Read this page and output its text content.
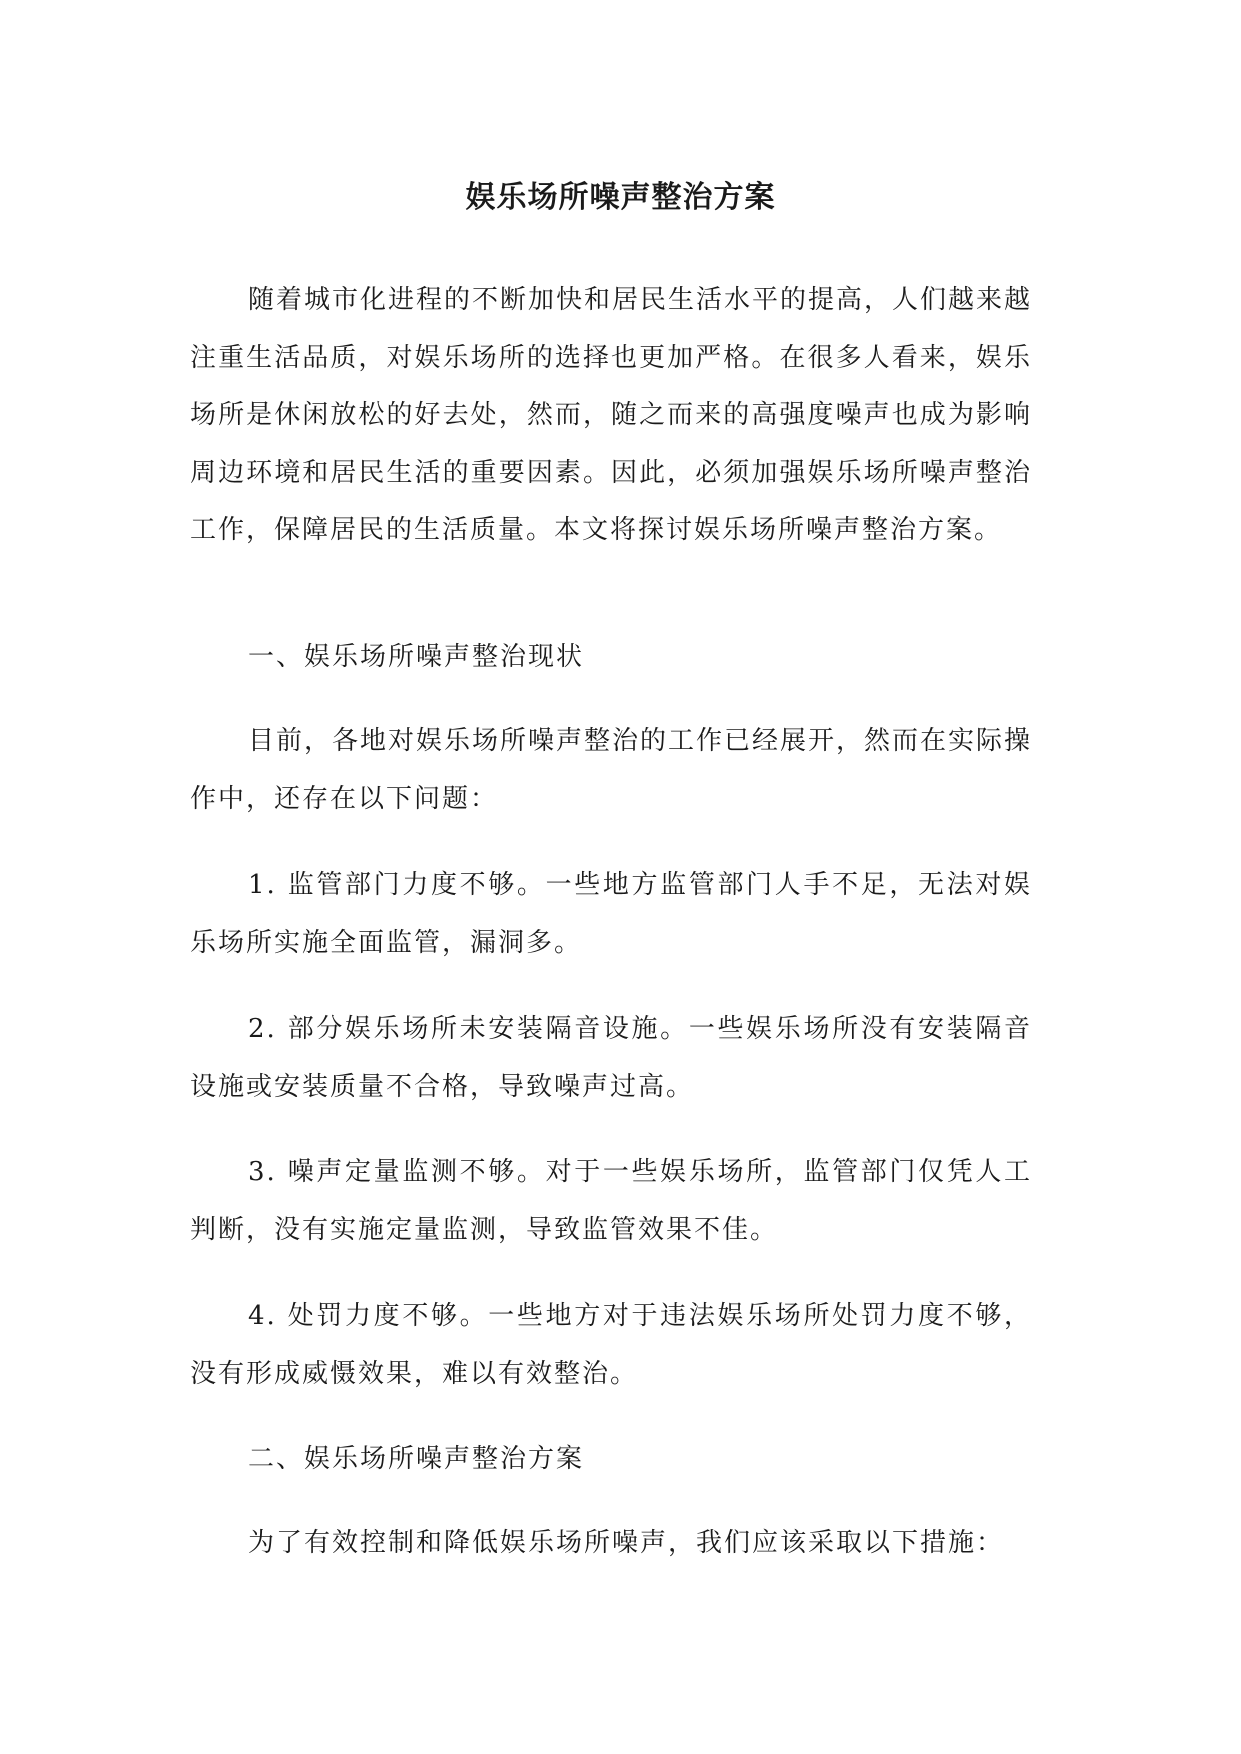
娱乐场所噪声整治方案

随着城市化进程的不断加快和居民生活水平的提高，人们越来越注重生活品质，对娱乐场所的选择也更加严格。在很多人看来，娱乐场所是休闲放松的好去处，然而，随之而来的高强度噪声也成为影响周边环境和居民生活的重要因素。因此，必须加强娱乐场所噪声整治工作，保障居民的生活质量。本文将探讨娱乐场所噪声整治方案。

一、娱乐场所噪声整治现状

目前，各地对娱乐场所噪声整治的工作已经展开，然而在实际操作中，还存在以下问题：

1. 监管部门力度不够。一些地方监管部门人手不足，无法对娱乐场所实施全面监管，漏洞多。

2. 部分娱乐场所未安装隔音设施。一些娱乐场所没有安装隔音设施或安装质量不合格，导致噪声过高。

3. 噪声定量监测不够。对于一些娱乐场所，监管部门仅凭人工判断，没有实施定量监测，导致监管效果不佳。

4. 处罚力度不够。一些地方对于违法娱乐场所处罚力度不够，没有形成威慑效果，难以有效整治。

二、娱乐场所噪声整治方案

为了有效控制和降低娱乐场所噪声，我们应该采取以下措施：
